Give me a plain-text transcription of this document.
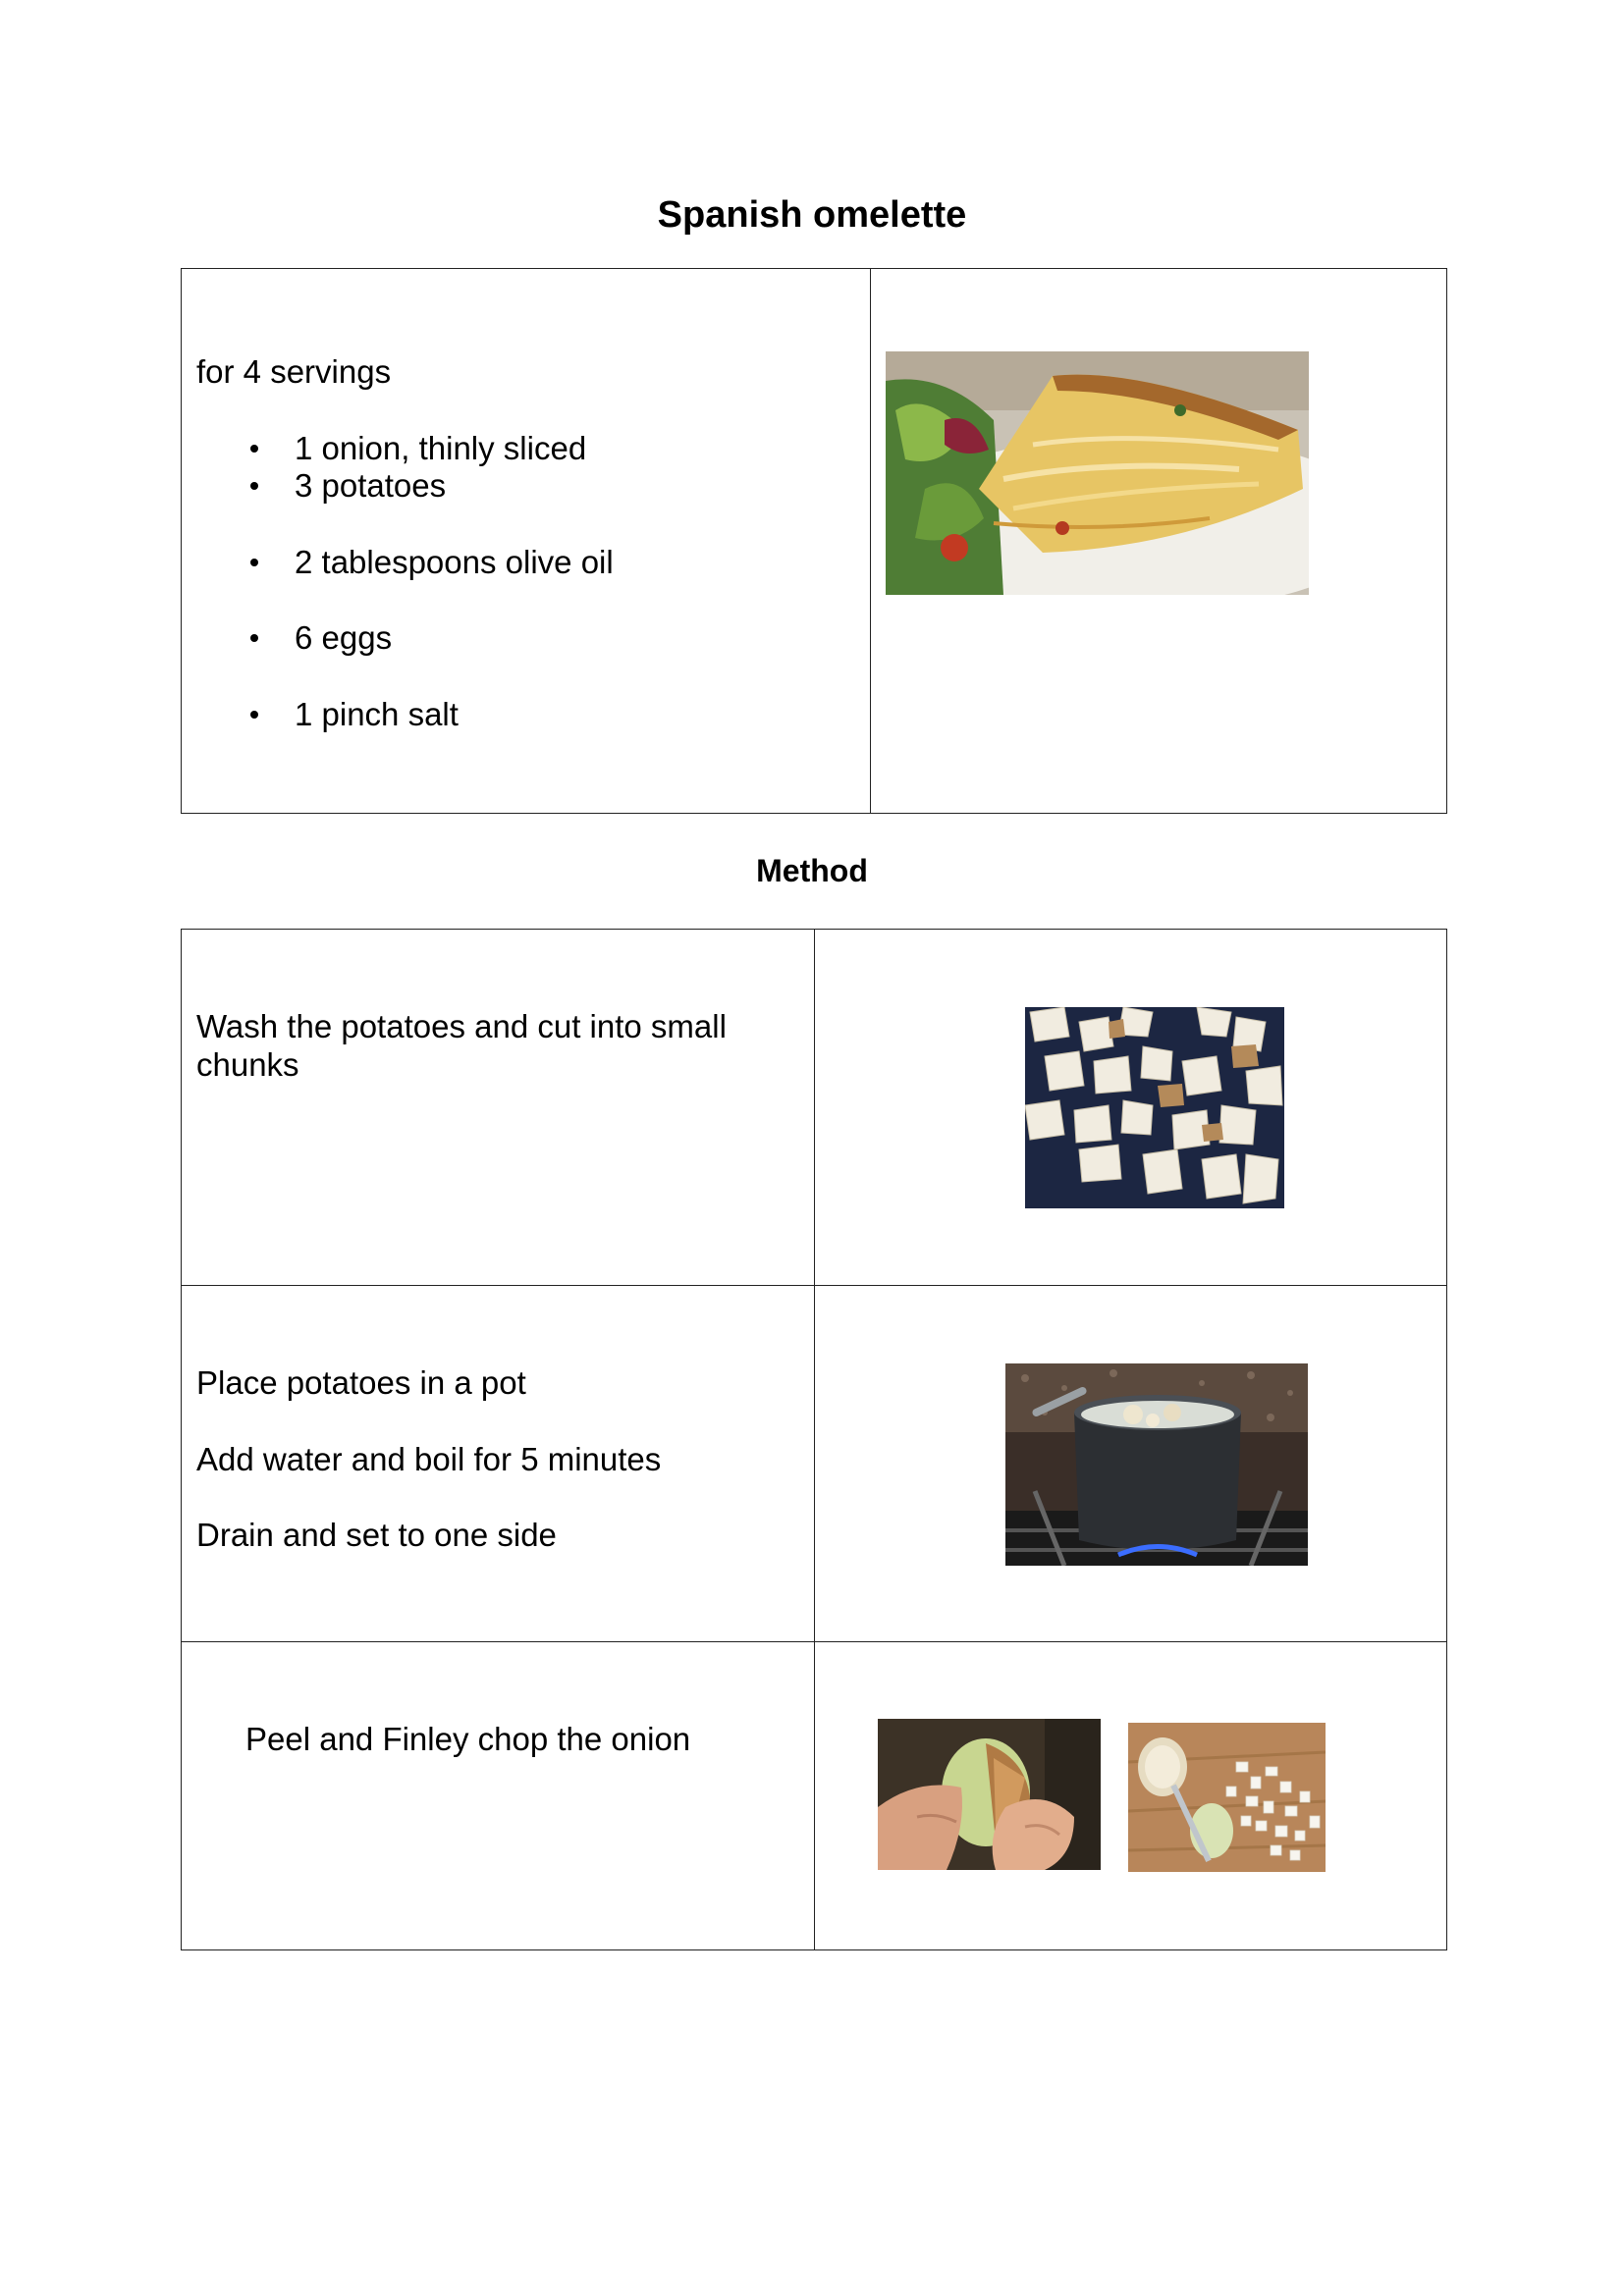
Spanish omelette
for 4 servings
1 onion, thinly sliced
3 potatoes
2 tablespoons olive oil
6 eggs
1 pinch salt
Method
Wash the potatoes and cut into small
chunks
Place potatoes in a pot
Add water and boil for 5 minutes
Drain and set to one side
Peel and Finley chop the onion
